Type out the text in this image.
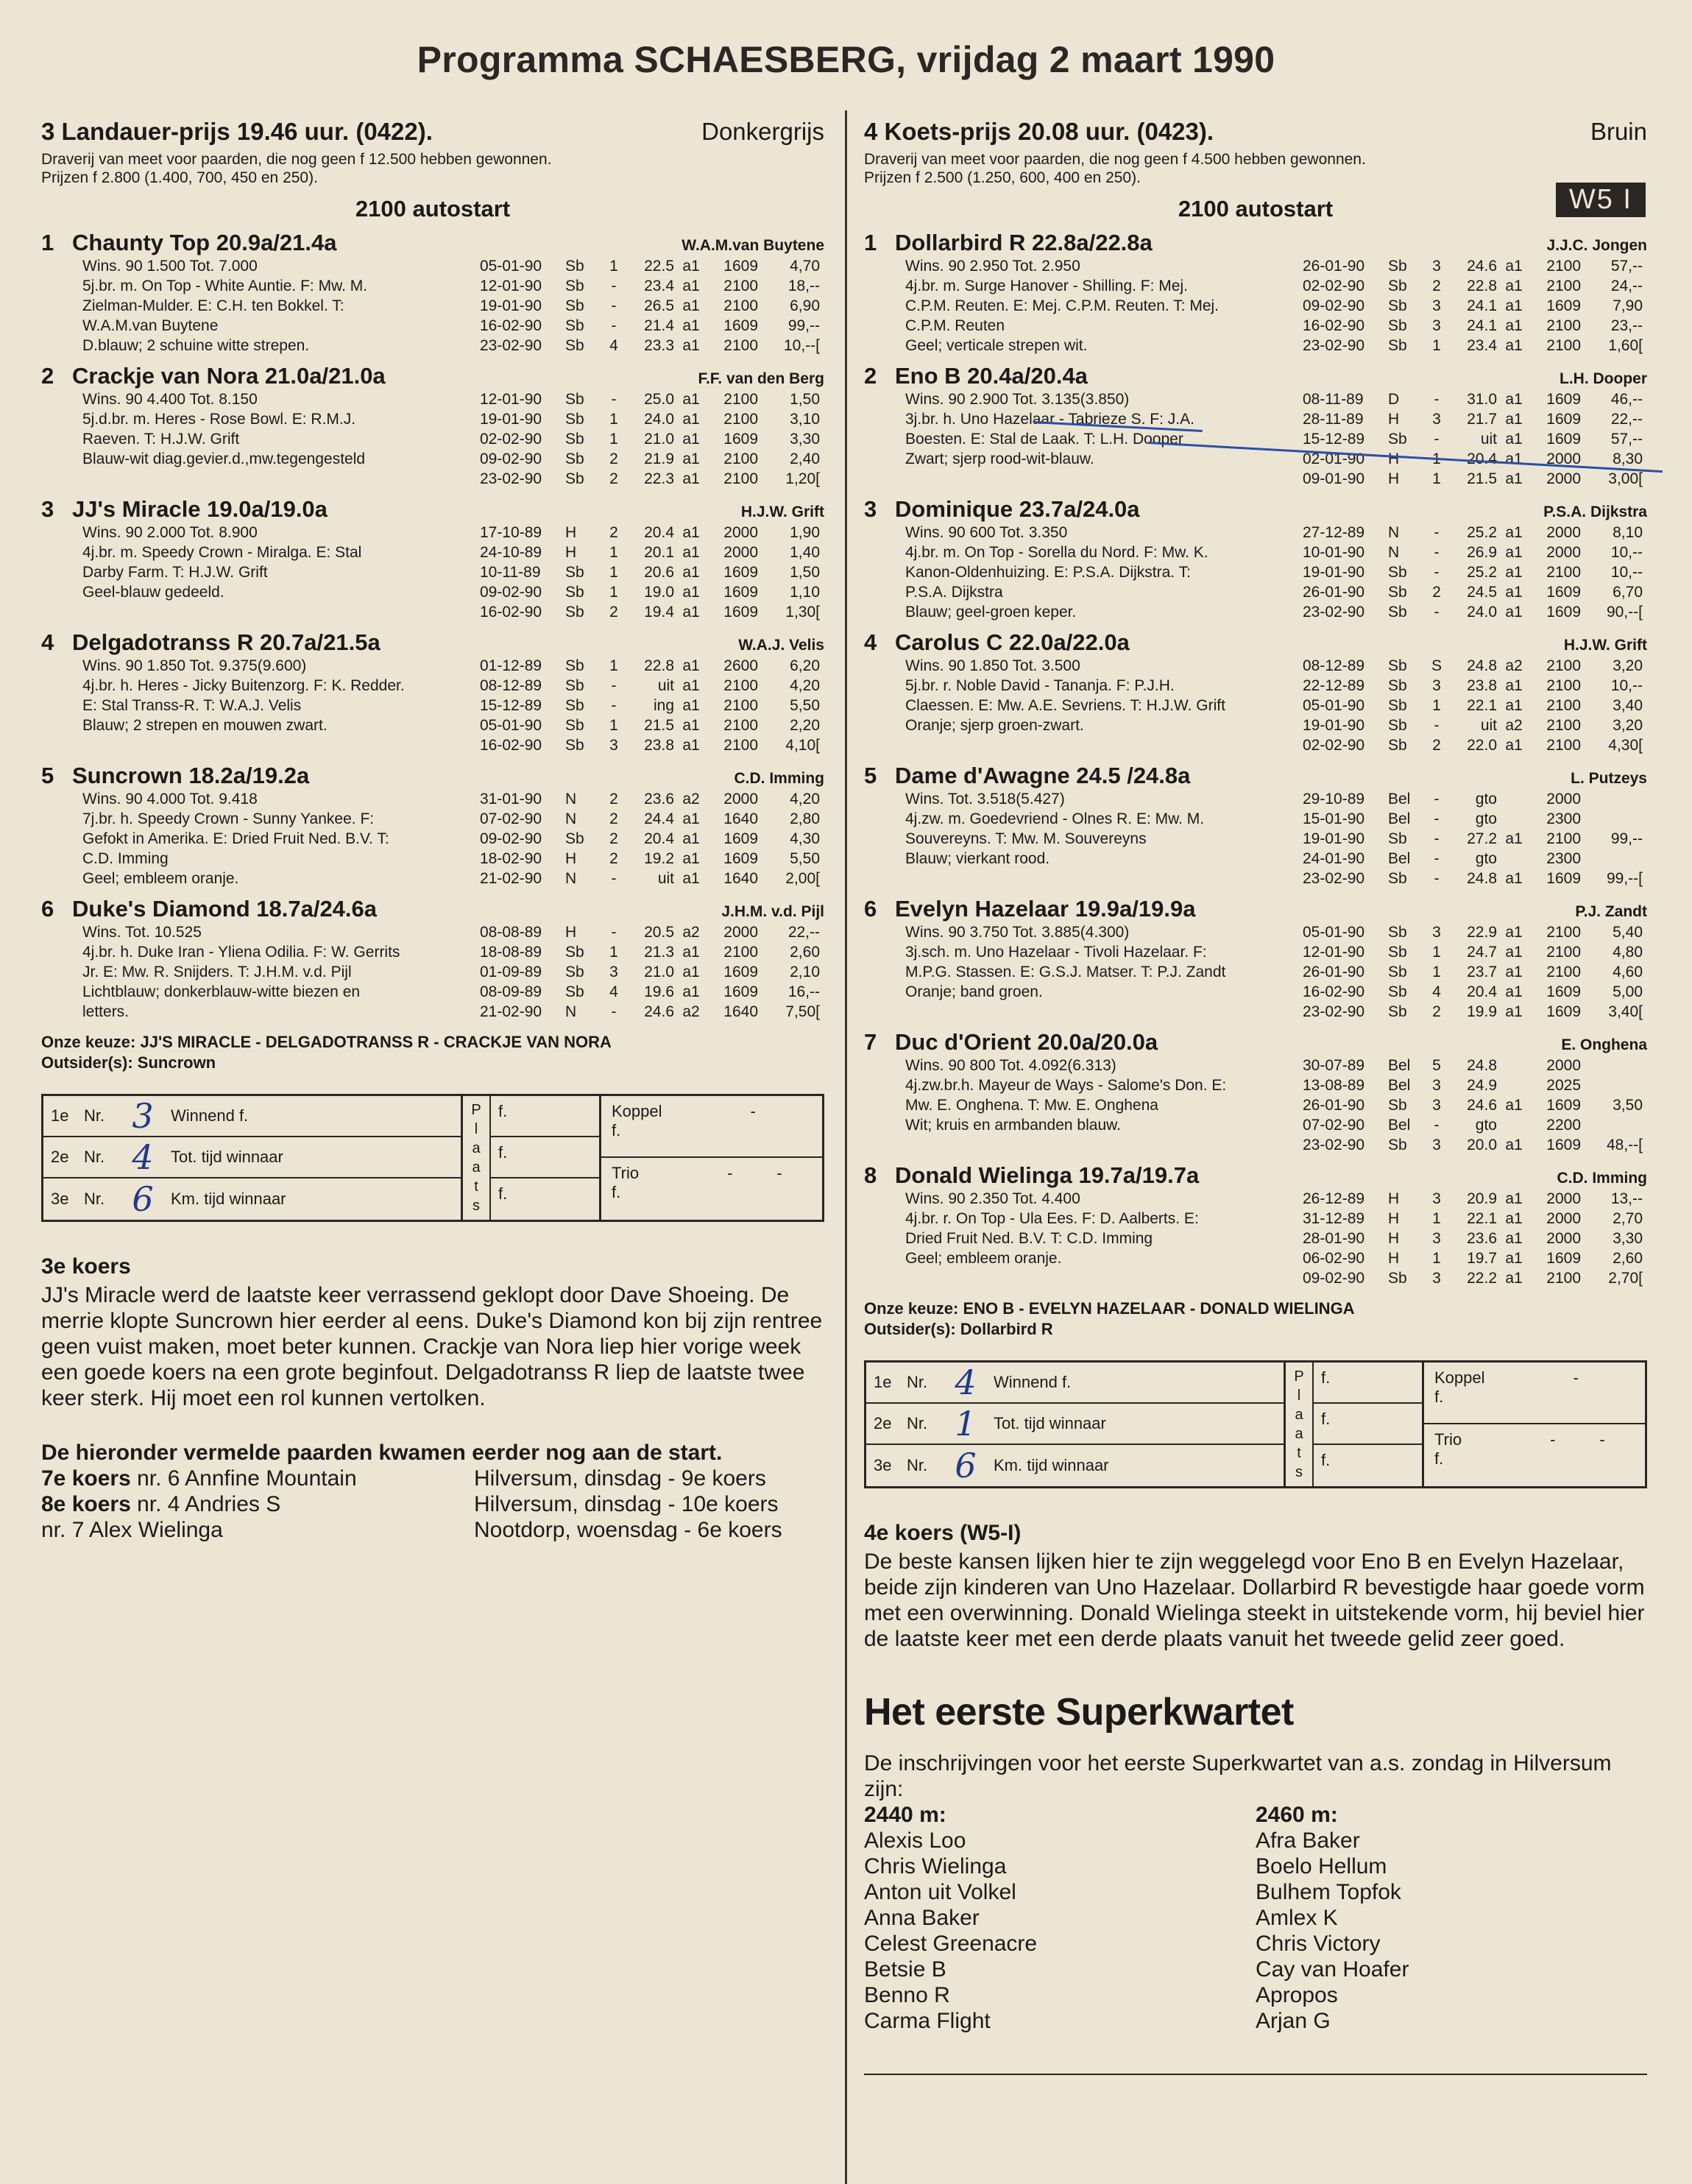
Programma SCHAESBERG, vrijdag 2 maart 1990
3 Landauer-prijs 19.46 uur. (0422).	Donkergrijs
Draverij van meet voor paarden, die nog geen f 12.500 hebben gewonnen.
Prijzen f 2.800 (1.400, 700, 450 en 250).
2100 autostart
1 Chaunty Top 20.9a/21.4a	W.A.M.van Buytene
Wins. 90 1.500 Tot. 7.000
5j.br. m. On Top - White Auntie. F: Mw. M.
Zielman-Mulder. E: C.H. ten Bokkel. T:
W.A.M.van Buytene
D.blauw; 2 schuine witte strepen.
05-01-90	Sb	1	22.5 a1	1609	4,70
12-01-90	Sb	-	23.4 a1	2100	18,--
19-01-90	Sb	-	26.5 a1	2100	6,90
16-02-90	Sb	-	21.4 a1	1609	99,--
23-02-90	Sb	4	23.3 a1	2100	10,--[
2 Crackje van Nora 21.0a/21.0a	F.F. van den Berg
Wins. 90 4.400 Tot. 8.150
5j.d.br. m. Heres - Rose Bowl. E: R.M.J.
Raeven. T: H.J.W. Grift
Blauw-wit diag.gevier.d.,mw.tegengesteld
12-01-90	Sb	-	25.0 a1	2100	1,50
19-01-90	Sb	1	24.0 a1	2100	3,10
02-02-90	Sb	1	21.0 a1	1609	3,30
09-02-90	Sb	2	21.9 a1	2100	2,40
23-02-90	Sb	2	22.3 a1	2100	1,20[
3 JJ's Miracle 19.0a/19.0a	H.J.W. Grift
Wins. 90 2.000 Tot. 8.900
4j.br. m. Speedy Crown - Miralga. E: Stal
Darby Farm. T: H.J.W. Grift
Geel-blauw gedeeld.
17-10-89	H	2	20.4 a1	2000	1,90
24-10-89	H	1	20.1 a1	2000	1,40
10-11-89	Sb	1	20.6 a1	1609	1,50
09-02-90	Sb	1	19.0 a1	1609	1,10
16-02-90	Sb	2	19.4 a1	1609	1,30[
4 Delgadotranss R 20.7a/21.5a	W.A.J. Velis
Wins. 90 1.850 Tot. 9.375(9.600)
4j.br. h. Heres - Jicky Buitenzorg. F: K. Redder.
E: Stal Transs-R. T: W.A.J. Velis
Blauw; 2 strepen en mouwen zwart.
01-12-89	Sb	1	22.8 a1	2600	6,20
08-12-89	Sb	-	uit a1	2100	4,20
15-12-89	Sb	-	ing a1	2100	5,50
05-01-90	Sb	1	21.5 a1	2100	2,20
16-02-90	Sb	3	23.8 a1	2100	4,10[
5 Suncrown 18.2a/19.2a	C.D. Imming
Wins. 90 4.000 Tot. 9.418
7j.br. h. Speedy Crown - Sunny Yankee. F:
Gefokt in Amerika. E: Dried Fruit Ned. B.V. T:
C.D. Imming
Geel; embleem oranje.
31-01-90	N	2	23.6 a2	2000	4,20
07-02-90	N	2	24.4 a1	1640	2,80
09-02-90	Sb	2	20.4 a1	1609	4,30
18-02-90	H	2	19.2 a1	1609	5,50
21-02-90	N	-	uit a1	1640	2,00[
6 Duke's Diamond 18.7a/24.6a	J.H.M. v.d. Pijl
Wins. Tot. 10.525
4j.br. h. Duke Iran - Yliena Odilia. F: W. Gerrits
Jr. E: Mw. R. Snijders. T: J.H.M. v.d. Pijl
Lichtblauw; donkerblauw-witte biezen en
letters.
08-08-89	H	-	20.5 a2	2000	22,--
18-08-89	Sb	1	21.3 a1	2100	2,60
01-09-89	Sb	3	21.0 a1	1609	2,10
08-09-89	Sb	4	19.6 a1	1609	16,--
21-02-90	N	-	24.6 a2	1640	7,50[
Onze keuze: JJ'S MIRACLE - DELGADOTRANSS R - CRACKJE VAN NORA
Outsider(s): Suncrown
1e Nr. 3	Winnend f.
2e Nr. 4	Tot. tijd winnaar
3e Nr. 6	Km. tijd winnaar
P
l
a
a
t
s
f.
f.
f.
Koppel	-
f.
Trio	-	-
f.
3e koers
JJ's Miracle werd de laatste keer verrassend geklopt door Dave Shoeing. De merrie klopte Suncrown hier eerder al eens. Duke's Diamond kon bij zijn rentree geen vuist maken, moet beter kunnen. Crackje van Nora liep hier vorige week een goede koers na een grote beginfout. Delgadotranss R liep de laatste twee keer sterk. Hij moet een rol kunnen vertolken.
De hieronder vermelde paarden kwamen eerder nog aan de start.
7e koers nr. 6 Annfine Mountain	Hilversum, dinsdag - 9e koers
8e koers nr. 4 Andries S	Hilversum, dinsdag - 10e koers
nr. 7 Alex Wielinga	Nootdorp, woensdag - 6e koers
4 Koets-prijs 20.08 uur. (0423).	Bruin
W5 I
Draverij van meet voor paarden, die nog geen f 4.500 hebben gewonnen.
Prijzen f 2.500 (1.250, 600, 400 en 250).
2100 autostart
1 Dollarbird R 22.8a/22.8a	J.J.C. Jongen
Wins. 90 2.950 Tot. 2.950
4j.br. m. Surge Hanover - Shilling. F: Mej.
C.P.M. Reuten. E: Mej. C.P.M. Reuten. T: Mej.
C.P.M. Reuten
Geel; verticale strepen wit.
26-01-90	Sb	3	24.6 a1	2100	57,--
02-02-90	Sb	2	22.8 a1	2100	24,--
09-02-90	Sb	3	24.1 a1	1609	7,90
16-02-90	Sb	3	24.1 a1	2100	23,--
23-02-90	Sb	1	23.4 a1	2100	1,60[
2 Eno B 20.4a/20.4a	L.H. Dooper
Wins. 90 2.900 Tot. 3.135(3.850)
3j.br. h. Uno Hazelaar - Tabrieze S. F: J.A.
Boesten. E: Stal de Laak. T: L.H. Dooper
Zwart; sjerp rood-wit-blauw.
08-11-89	D	-	31.0 a1	1609	46,--
28-11-89	H	3	21.7 a1	1609	22,--
15-12-89	Sb	-	uit a1	1609	57,--
02-01-90	H	1	20.4 a1	2000	8,30
09-01-90	H	1	21.5 a1	2000	3,00[
3 Dominique 23.7a/24.0a	P.S.A. Dijkstra
Wins. 90 600 Tot. 3.350
4j.br. m. On Top - Sorella du Nord. F: Mw. K.
Kanon-Oldenhuizing. E: P.S.A. Dijkstra. T:
P.S.A. Dijkstra
Blauw; geel-groen keper.
27-12-89	N	-	25.2 a1	2000	8,10
10-01-90	N	-	26.9 a1	2000	10,--
19-01-90	Sb	-	25.2 a1	2100	10,--
26-01-90	Sb	2	24.5 a1	1609	6,70
23-02-90	Sb	-	24.0 a1	1609	90,--[
4 Carolus C 22.0a/22.0a	H.J.W. Grift
Wins. 90 1.850 Tot. 3.500
5j.br. r. Noble David - Tananja. F: P.J.H.
Claessen. E: Mw. A.E. Sevriens. T: H.J.W. Grift
Oranje; sjerp groen-zwart.
08-12-89	Sb	S	24.8 a2	2100	3,20
22-12-89	Sb	3	23.8 a1	2100	10,--
05-01-90	Sb	1	22.1 a1	2100	3,40
19-01-90	Sb	-	uit a2	2100	3,20
02-02-90	Sb	2	22.0 a1	2100	4,30[
5 Dame d'Awagne 24.5 /24.8a	L. Putzeys
Wins. Tot. 3.518(5.427)
4j.zw. m. Goedevriend - Olnes R. E: Mw. M.
Souvereyns. T: Mw. M. Souvereyns
Blauw; vierkant rood.
29-10-89	Bel	-	gto	2000
15-01-90	Bel	-	gto	2300
19-01-90	Sb	-	27.2 a1	2100	99,--
24-01-90	Bel	-	gto	2300
23-02-90	Sb	-	24.8 a1	1609	99,--[
6 Evelyn Hazelaar 19.9a/19.9a	P.J. Zandt
Wins. 90 3.750 Tot. 3.885(4.300)
3j.sch. m. Uno Hazelaar - Tivoli Hazelaar. F:
M.P.G. Stassen. E: G.S.J. Matser. T: P.J. Zandt
Oranje; band groen.
05-01-90	Sb	3	22.9 a1	2100	5,40
12-01-90	Sb	1	24.7 a1	2100	4,80
26-01-90	Sb	1	23.7 a1	2100	4,60
16-02-90	Sb	4	20.4 a1	1609	5,00
23-02-90	Sb	2	19.9 a1	1609	3,40[
7 Duc d'Orient 20.0a/20.0a	E. Onghena
Wins. 90 800 Tot. 4.092(6.313)
4j.zw.br.h. Mayeur de Ways - Salome's Don. E:
Mw. E. Onghena. T: Mw. E. Onghena
Wit; kruis en armbanden blauw.
30-07-89	Bel	5	24.8	2000
13-08-89	Bel	3	24.9	2025
26-01-90	Sb	3	24.6 a1	1609	3,50
07-02-90	Bel	-	gto	2200
23-02-90	Sb	3	20.0 a1	1609	48,--[
8 Donald Wielinga 19.7a/19.7a	C.D. Imming
Wins. 90 2.350 Tot. 4.400
4j.br. r. On Top - Ula Ees. F: D. Aalberts. E:
Dried Fruit Ned. B.V. T: C.D. Imming
Geel; embleem oranje.
26-12-89	H	3	20.9 a1	2000	13,--
31-12-89	H	1	22.1 a1	2000	2,70
28-01-90	H	3	23.6 a1	2000	3,30
06-02-90	H	1	19.7 a1	1609	2,60
09-02-90	Sb	3	22.2 a1	2100	2,70[
Onze keuze: ENO B - EVELYN HAZELAAR - DONALD WIELINGA
Outsider(s): Dollarbird R
1e Nr. 4	Winnend f.
2e Nr. 1	Tot. tijd winnaar
3e Nr. 6	Km. tijd winnaar
P
l
a
a
t
s
f.
f.
f.
Koppel	-
f.
Trio	-	-
f.
4e koers (W5-I)
De beste kansen lijken hier te zijn weggelegd voor Eno B en Evelyn Hazelaar, beide zijn kinderen van Uno Hazelaar. Dollarbird R bevestigde haar goede vorm met een overwinning. Donald Wielinga steekt in uitstekende vorm, hij beviel hier de laatste keer met een derde plaats vanuit het tweede gelid zeer goed.
Het eerste Superkwartet
De inschrijvingen voor het eerste Superkwartet van a.s. zondag in Hilversum zijn:
2440 m:
Alexis Loo
Chris Wielinga
Anton uit Volkel
Anna Baker
Celest Greenacre
Betsie B
Benno R
Carma Flight
2460 m:
Afra Baker
Boelo Hellum
Bulhem Topfok
Amlex K
Chris Victory
Cay van Hoafer
Apropos
Arjan G
